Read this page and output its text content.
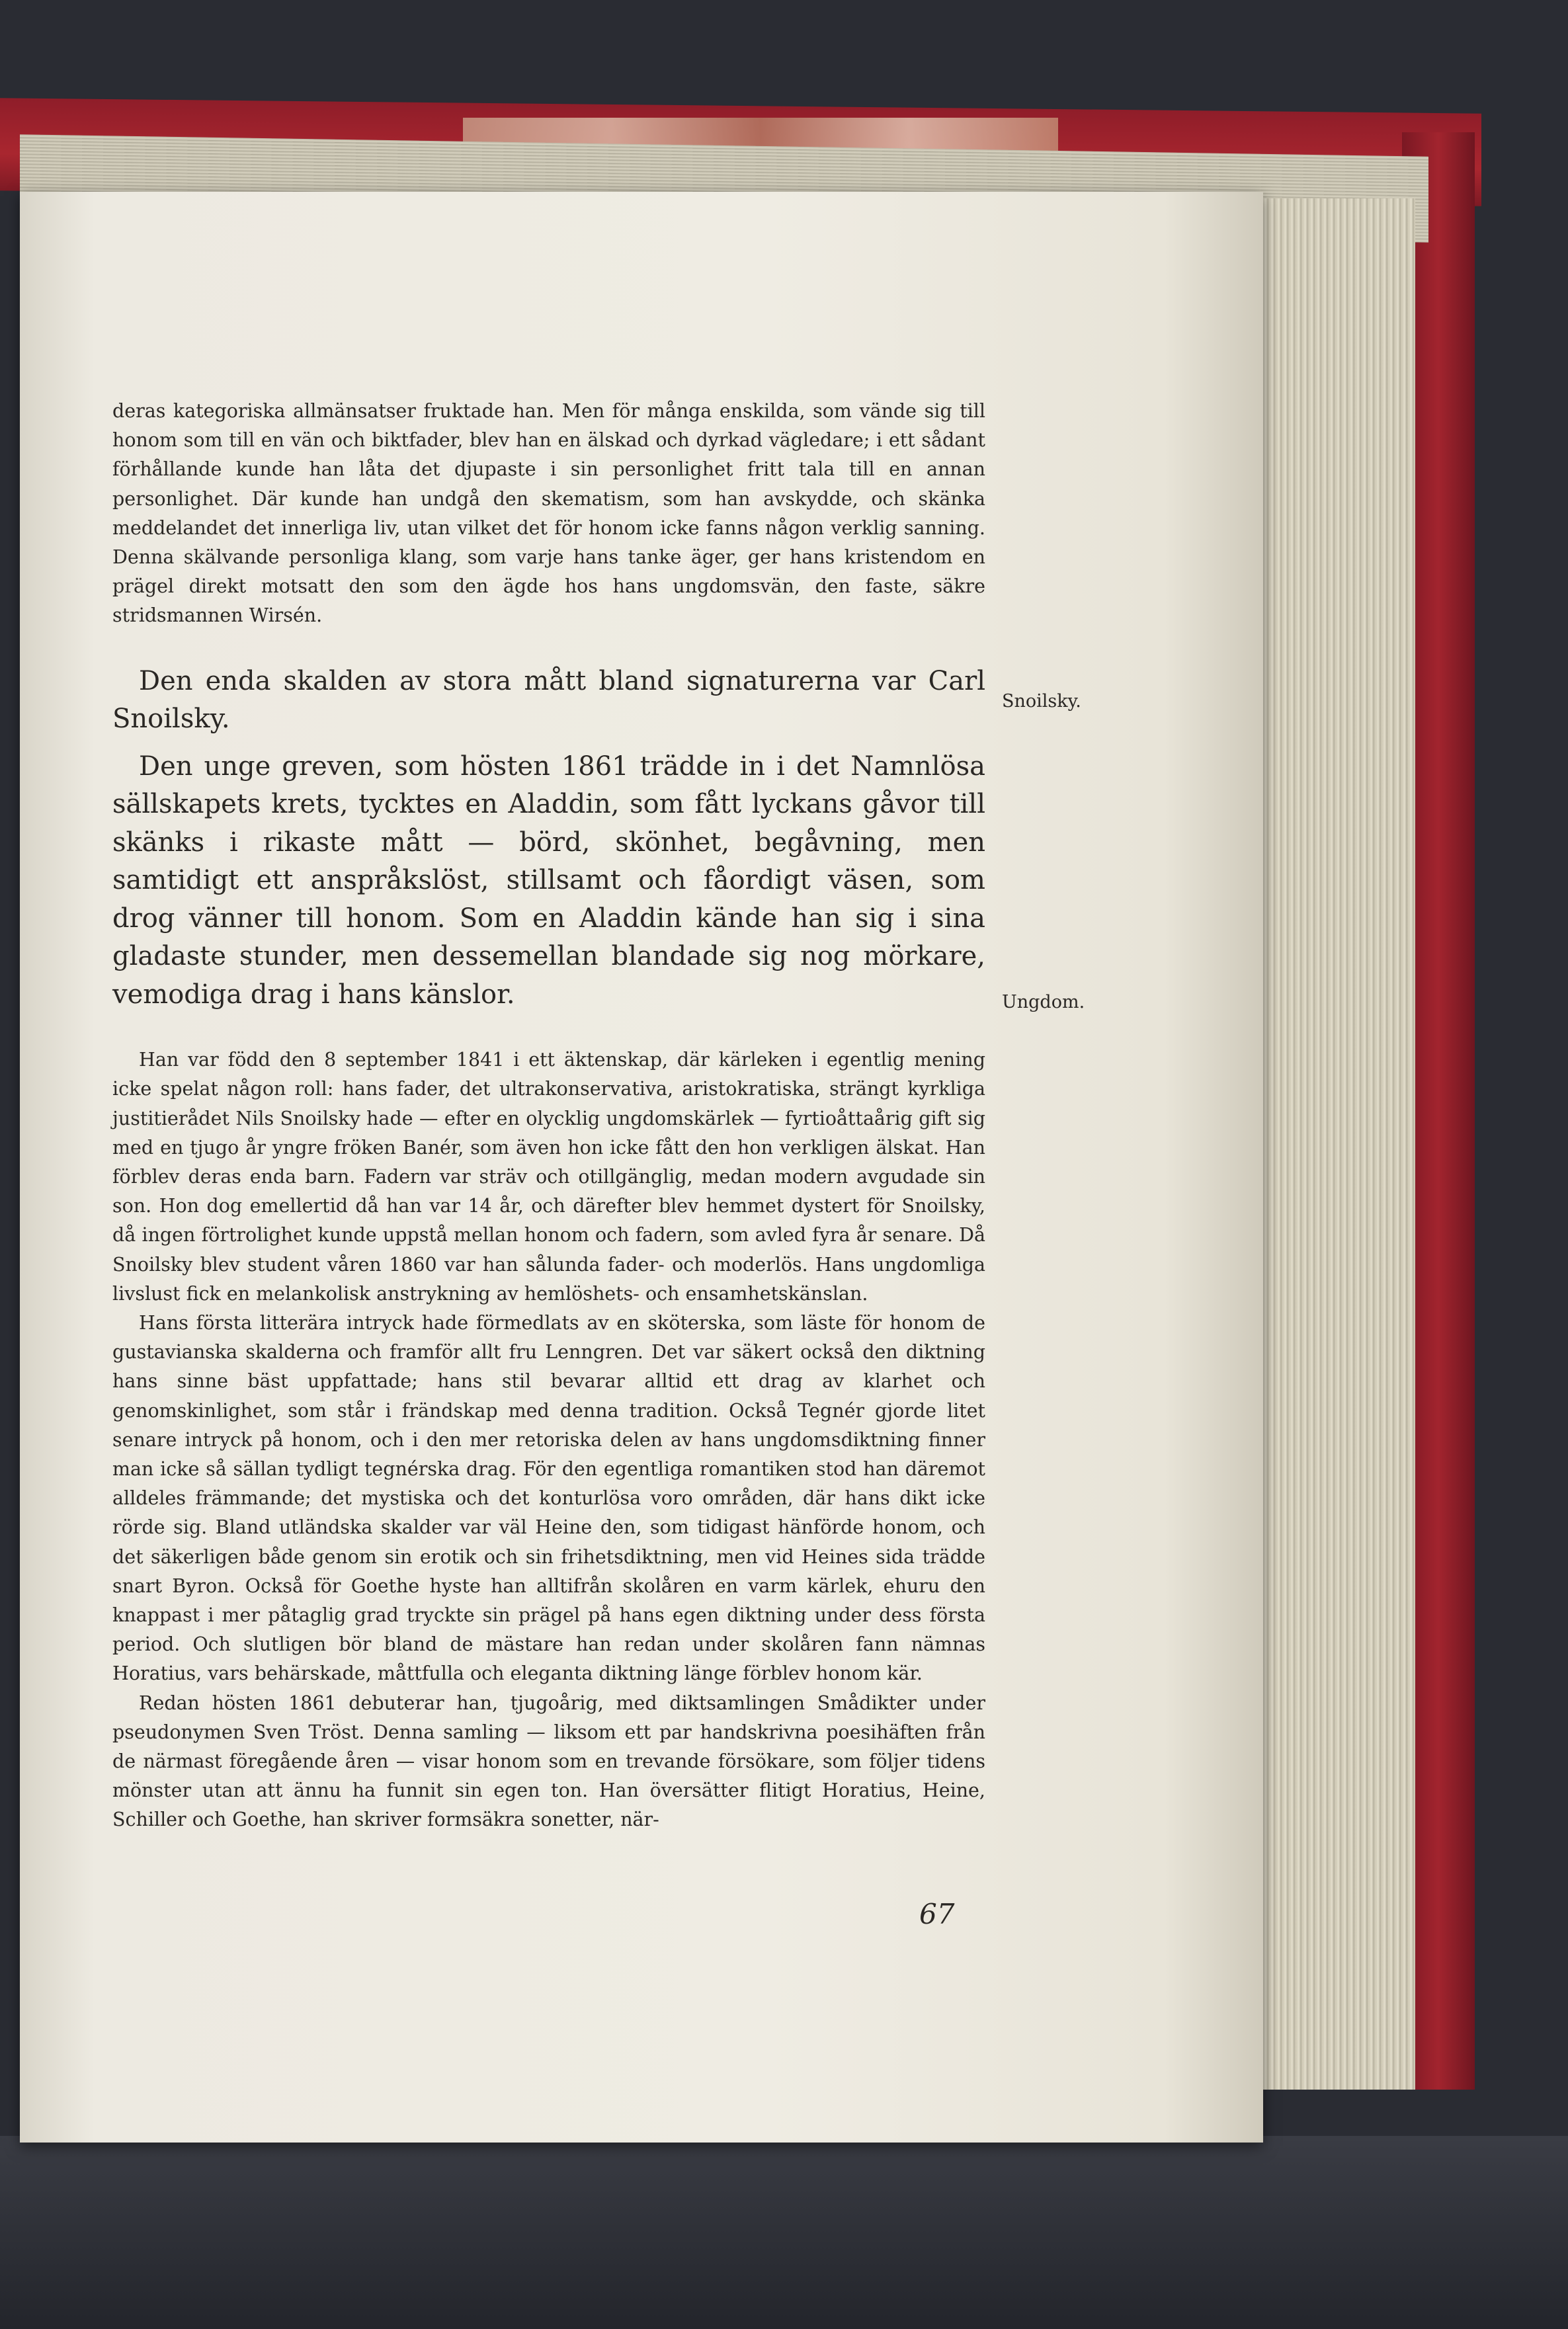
deras kategoriska allmänsatser fruktade han. Men för många enskilda, som vände sig till honom som till en vän och biktfader, blev han en älskad och dyrkad vägledare; i ett sådant förhållande kunde han låta det djupaste i sin personlighet fritt tala till en annan personlighet. Där kunde han undgå den skematism, som han avskydde, och skänka meddelandet det innerliga liv, utan vilket det för honom icke fanns någon verklig sanning. Denna skälvande personliga klang, som varje hans tanke äger, ger hans kristendom en prägel direkt motsatt den som den ägde hos hans ungdomsvän, den faste, säkre stridsmannen Wirsén.

Den enda skalden av stora mått bland signaturerna var Carl Snoilsky.

Den unge greven, som hösten 1861 trädde in i det Namnlösa sällskapets krets, tycktes en Aladdin, som fått lyckans gåvor till skänks i rikaste mått — börd, skönhet, begåvning, men samtidigt ett anspråkslöst, stillsamt och fåordigt väsen, som drog vänner till honom. Som en Aladdin kände han sig i sina gladaste stunder, men dessemellan blandade sig nog mörkare, vemodiga drag i hans känslor.

Han var född den 8 september 1841 i ett äktenskap, där kärleken i egentlig mening icke spelat någon roll: hans fader, det ultrakonservativa, aristokratiska, strängt kyrkliga justitierådet Nils Snoilsky hade — efter en olycklig ungdomskärlek — fyrtioåttaårig gift sig med en tjugo år yngre fröken Banér, som även hon icke fått den hon verkligen älskat. Han förblev deras enda barn. Fadern var sträv och otillgänglig, medan modern avgudade sin son. Hon dog emellertid då han var 14 år, och därefter blev hemmet dystert för Snoilsky, då ingen förtrolighet kunde uppstå mellan honom och fadern, som avled fyra år senare. Då Snoilsky blev student våren 1860 var han sålunda fader- och moderlös. Hans ungdomliga livslust fick en melankolisk anstrykning av hemlöshets- och ensamhetskänslan.

Hans första litterära intryck hade förmedlats av en sköterska, som läste för honom de gustavianska skalderna och framför allt fru Lenngren. Det var säkert också den diktning hans sinne bäst uppfattade; hans stil bevarar alltid ett drag av klarhet och genomskinlighet, som står i frändskap med denna tradition. Också Tegnér gjorde litet senare intryck på honom, och i den mer retoriska delen av hans ungdomsdiktning finner man icke så sällan tydligt tegnérska drag. För den egentliga romantiken stod han däremot alldeles främmande; det mystiska och det konturlösa voro områden, där hans dikt icke rörde sig. Bland utländska skalder var väl Heine den, som tidigast hänförde honom, och det säkerligen både genom sin erotik och sin frihetsdiktning, men vid Heines sida trädde snart Byron. Också för Goethe hyste han alltifrån skolåren en varm kärlek, ehuru den knappast i mer påtaglig grad tryckte sin prägel på hans egen diktning under dess första period. Och slutligen bör bland de mästare han redan under skolåren fann nämnas Horatius, vars behärskade, måttfulla och eleganta diktning länge förblev honom kär.

Redan hösten 1861 debuterar han, tjugoårig, med diktsamlingen Smådikter under pseudonymen Sven Tröst. Denna samling — liksom ett par handskrivna poesihäften från de närmast föregående åren — visar honom som en trevande försökare, som följer tidens mönster utan att ännu ha funnit sin egen ton. Han översätter flitigt Horatius, Heine, Schiller och Goethe, han skriver formsäkra sonetter, när-

Snoilsky.
Ungdom.
67
